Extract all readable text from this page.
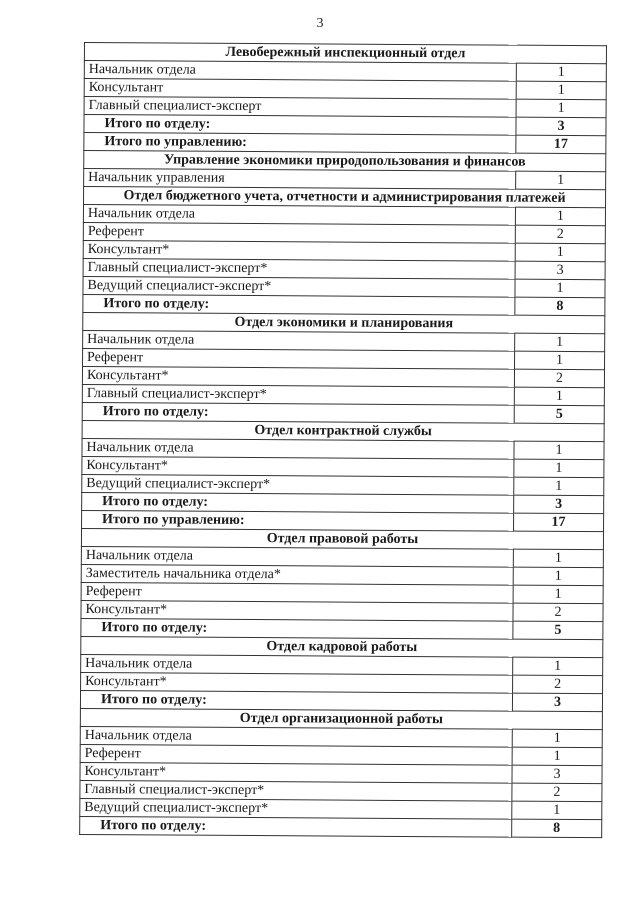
3
Левобережный инспекционный отдел	
Начальник отдела	1
Консультант	1
Главный специалист-эксперт	1
Итого по отделу:	3
Итого по управлению:	17
Управление экономики природопользования и финансов	
Начальник управления	1
Отдел бюджетного учета, отчетности и администрирования платежей	
Начальник отдела	1
Референт	2
Консультант*	1
Главный специалист-эксперт*	3
Ведущий специалист-эксперт*	1
Итого по отделу:	8
Отдел экономики и планирования	
Начальник отдела	1
Референт	1
Консультант*	2
Главный специалист-эксперт*	1
Итого по отделу:	5
Отдел контрактной службы	
Начальник отдела	1
Консультант*	1
Ведущий специалист-эксперт*	1
Итого по отделу:	3
Итого по управлению:	17
Отдел правовой работы	
Начальник отдела	1
Заместитель начальника отдела*	1
Референт	1
Консультант*	2
Итого по отделу:	5
Отдел кадровой работы	
Начальник отдела	1
Консультант*	2
Итого по отделу:	3
Отдел организационной работы	
Начальник отдела	1
Референт	1
Консультант*	3
Главный специалист-эксперт*	2
Ведущий специалист-эксперт*	1
Итого по отделу:	8
